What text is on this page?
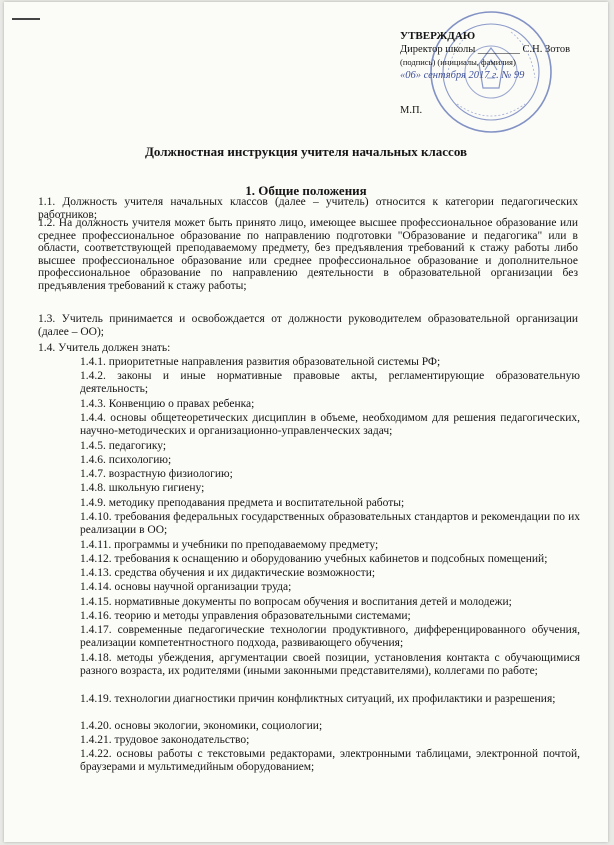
УТВЕРЖДАЮ
Директор школы ________ С.Н. Зотов
(подпись) (инициалы, фамилия)
«06» сентября 2017 г. № 99
М.П.
Должностная инструкция учителя начальных классов
1. Общие положения
1.1. Должность учителя начальных классов (далее – учитель) относится к категории педагогических работников;
1.2. На должность учителя может быть принято лицо, имеющее высшее профессиональное образование или среднее профессиональное образование по направлению подготовки "Образование и педагогика" или в области, соответствующей преподаваемому предмету, без предъявления требований к стажу работы либо высшее профессиональное образование или среднее профессиональное образование и дополнительное профессиональное образование по направлению деятельности в образовательной организации без предъявления требований к стажу работы;
1.3. Учитель принимается и освобождается от должности руководителем образовательной организации (далее – ОО);
1.4. Учитель должен знать:
1.4.1. приоритетные направления развития образовательной системы РФ;
1.4.2. законы и иные нормативные правовые акты, регламентирующие образовательную деятельность;
1.4.3. Конвенцию о правах ребенка;
1.4.4. основы общетеоретических дисциплин в объеме, необходимом для решения педагогических, научно-методических и организационно-управленческих задач;
1.4.5. педагогику;
1.4.6. психологию;
1.4.7. возрастную физиологию;
1.4.8. школьную гигиену;
1.4.9. методику преподавания предмета и воспитательной работы;
1.4.10. требования федеральных государственных образовательных стандартов и рекомендации по их реализации в ОО;
1.4.11. программы и учебники по преподаваемому предмету;
1.4.12. требования к оснащению и оборудованию учебных кабинетов и подсобных помещений;
1.4.13. средства обучения и их дидактические возможности;
1.4.14. основы научной организации труда;
1.4.15. нормативные документы по вопросам обучения и воспитания детей и молодежи;
1.4.16. теорию и методы управления образовательными системами;
1.4.17. современные педагогические технологии продуктивного, дифференцированного обучения, реализации компетентностного подхода, развивающего обучения;
1.4.18. методы убеждения, аргументации своей позиции, установления контакта с обучающимися разного возраста, их родителями (иными законными представителями), коллегами по работе;
1.4.19. технологии диагностики причин конфликтных ситуаций, их профилактики и разрешения;
1.4.20. основы экологии, экономики, социологии;
1.4.21. трудовое законодательство;
1.4.22. основы работы с текстовыми редакторами, электронными таблицами, электронной почтой, браузерами и мультимедийным оборудованием;
